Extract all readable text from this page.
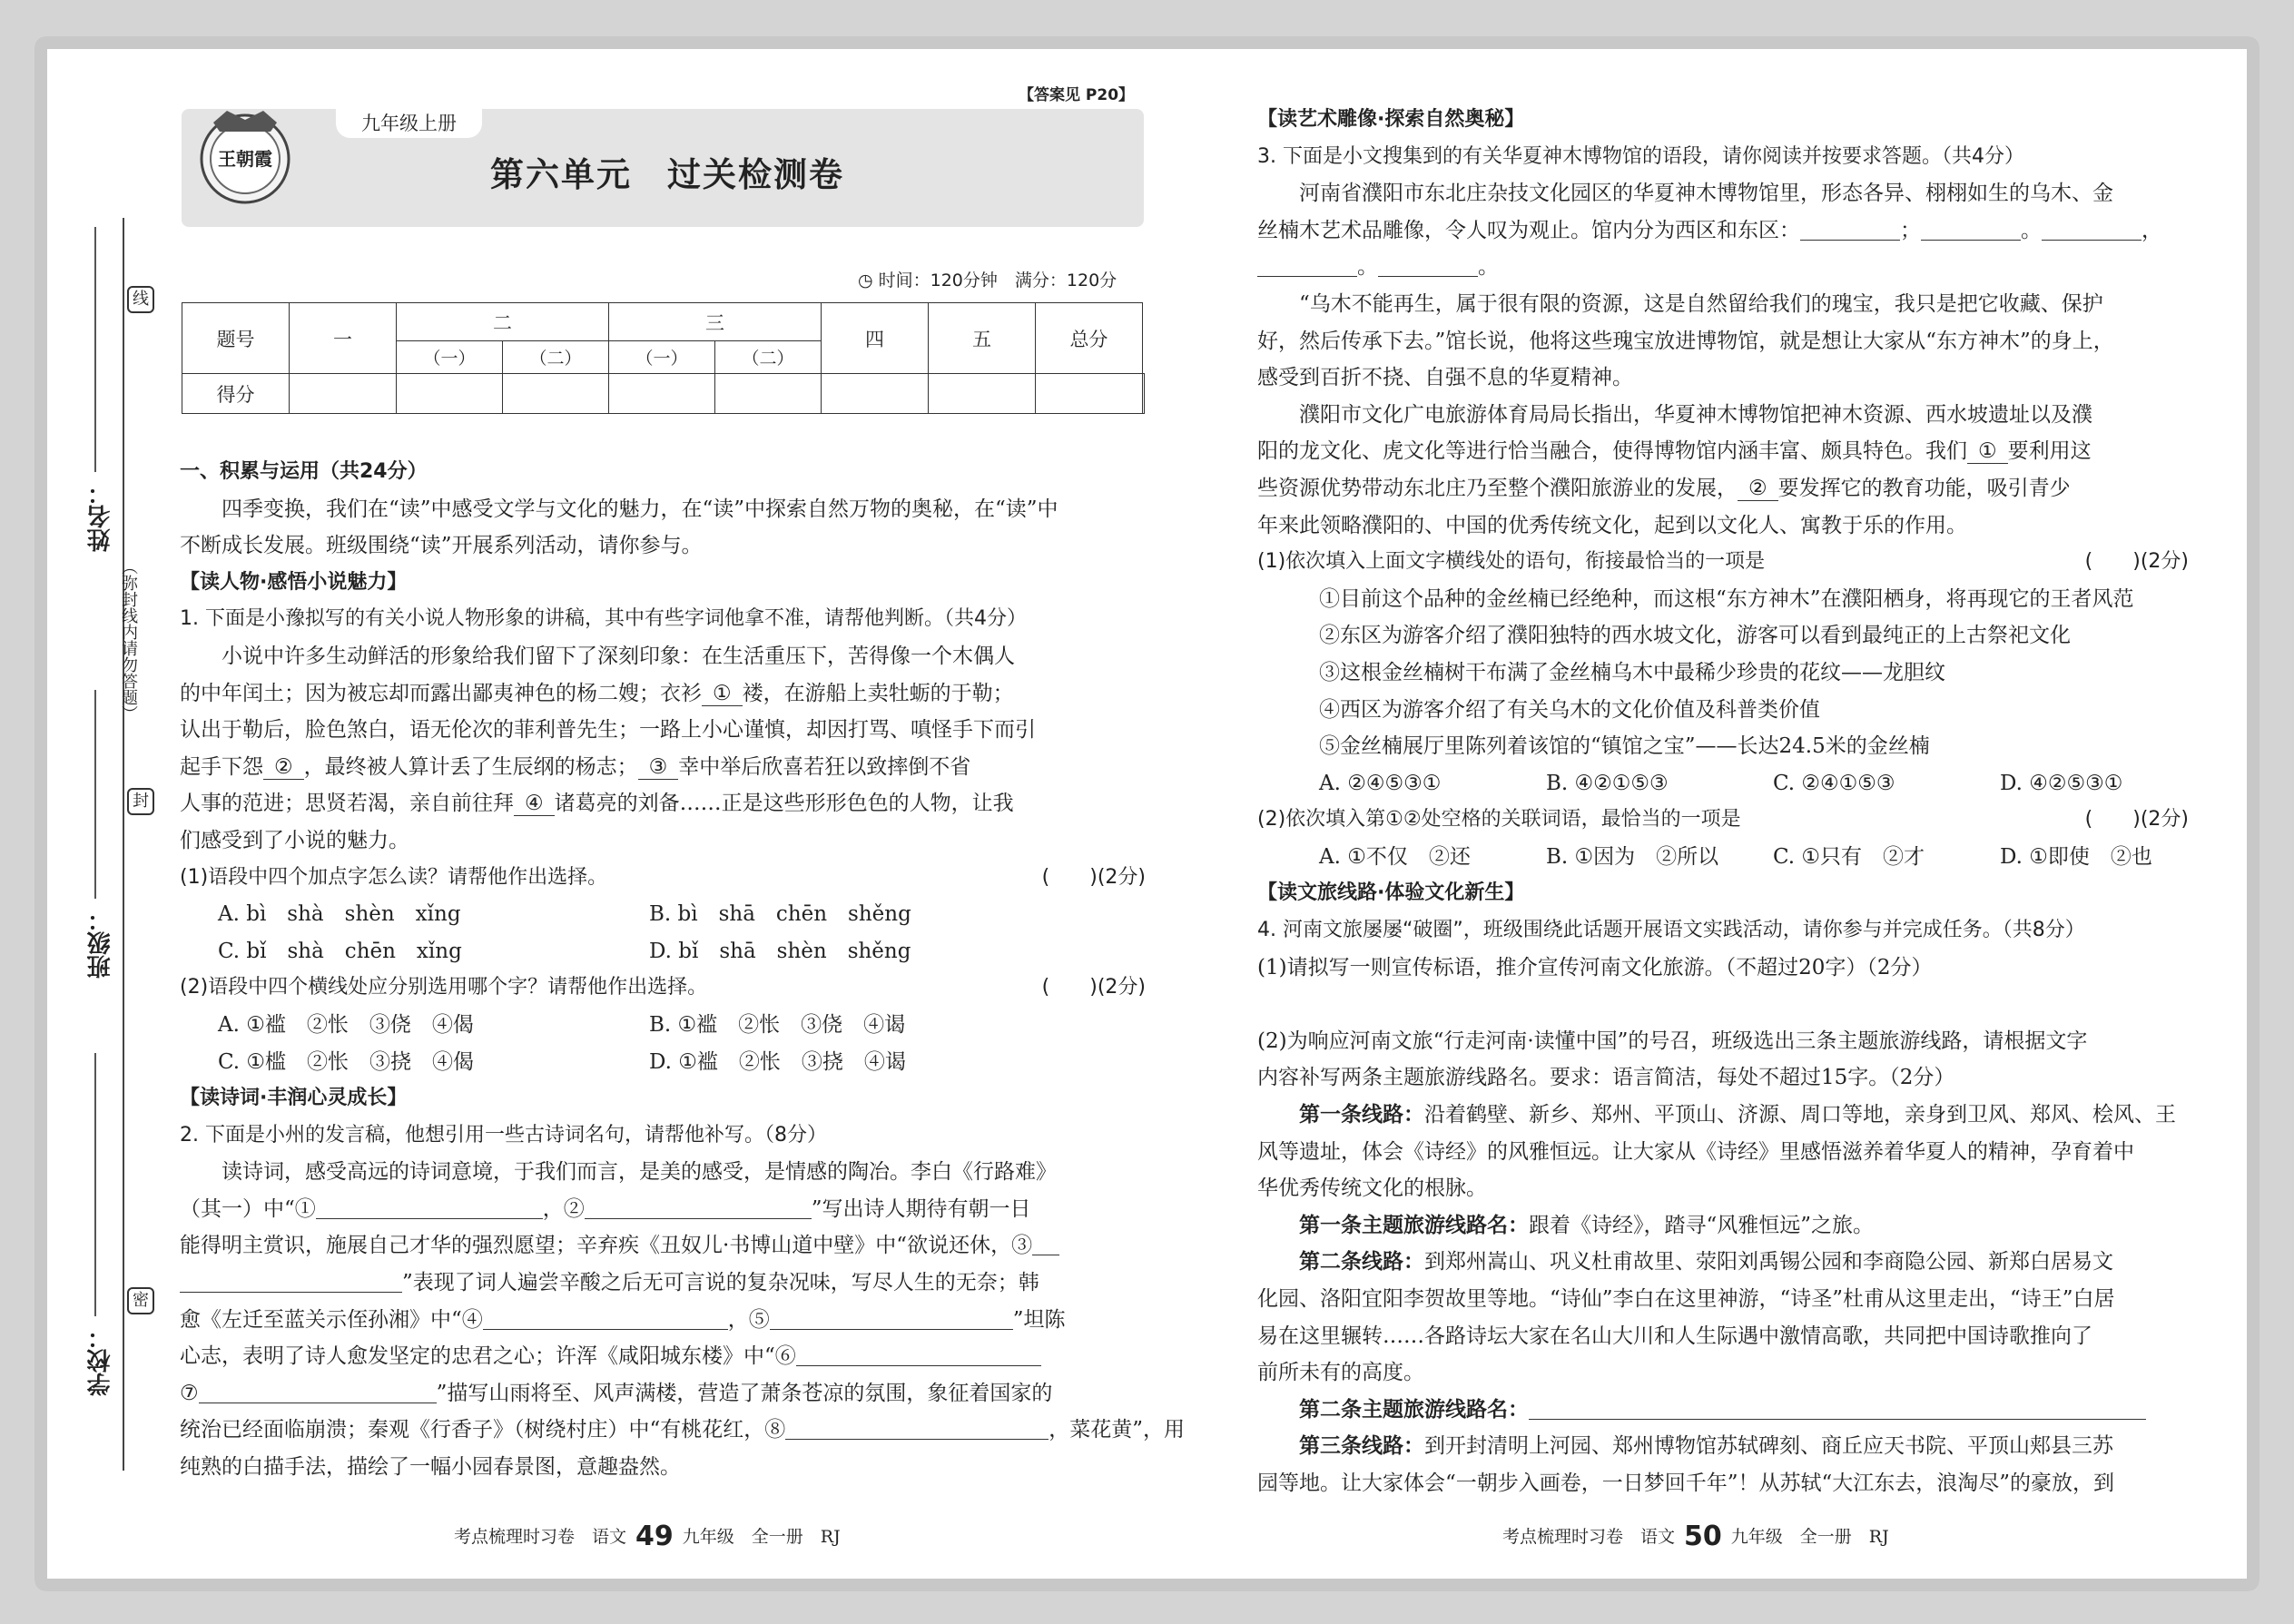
线
封
密
（弥封线内请勿答题）
姓名：
班级：
学校：
王朝霞
九年级上册
【答案见 P20】
第六单元　过关检测卷
◷ 时间：120分钟　满分：120分
题号	一	二		三		四	五	总分	
		（一）	（二）	（一）	（二）				
得分									

一、积累与运用（共24分）

四季变换，我们在“读”中感受文学与文化的魅力，在“读”中探索自然万物的奥秘，在“读”中

不断成长发展。班级围绕“读”开展系列活动，请你参与。

【读人物·感悟小说魅力】

1. 下面是小豫拟写的有关小说人物形象的讲稿，其中有些字词他拿不准，请帮他判断。（共4分）

小说中许多生动鲜活的形象给我们留下了深刻印象：在生活重压下，苦得像一个木偶人

的中年闰土；因为被忘却而露出鄙夷神色的杨二嫂；衣衫 ① 褛，在游船上卖牡蛎的于勒；

认出于勒后，脸色煞白，语无伦次的菲利普先生；一路上小心谨慎，却因打骂、嗔怪手下而引

起手下怨 ② ，最终被人算计丢了生辰纲的杨志； ③ 幸中举后欣喜若狂以致摔倒不省

人事的范进；思贤若渴，亲自前往拜 ④ 诸葛亮的刘备……正是这些形形色色的人物，让我

们感受到了小说的魅力。

(1)语段中四个加点字怎么读？请帮他作出选择。	(　　)(2分)

A. bì　shà　shèn　xǐng	B. bì　shā　chēn　shěng
C. bǐ　shà　chēn　xǐng	D. bǐ　shā　shèn　shěng

(2)语段中四个横线处应分别选用哪个字？请帮他作出选择。	(　　)(2分)

A. ①褴　②怅　③侥　④偈	B. ①褴　②怅　③侥　④谒
C. ①槛　②怅　③挠　④偈	D. ①褴　②怅　③挠　④谒

【读诗词·丰润心灵成长】

2. 下面是小州的发言稿，他想引用一些古诗词名句，请帮他补写。（8分）

读诗词，感受高远的诗词意境，于我们而言，是美的感受，是情感的陶冶。李白《行路难》

（其一）中“①	，②	”写出诗人期待有朝一日

能得明主赏识，施展自己才华的强烈愿望；辛弃疾《丑奴儿·书博山道中壁》中“欲说还休，③

”表现了词人遍尝辛酸之后无可言说的复杂况味，写尽人生的无奈；韩

愈《左迁至蓝关示侄孙湘》中“④	，⑤	”坦陈

心志，表明了诗人愈发坚定的忠君之心；许浑《咸阳城东楼》中“⑥

⑦	”描写山雨将至、风声满楼，营造了萧条苍凉的氛围，象征着国家的

统治已经面临崩溃；秦观《行香子》（树绕村庄）中“有桃花红，⑧	，菜花黄”，用

纯熟的白描手法，描绘了一幅小园春景图，意趣盎然。

【读艺术雕像·探索自然奥秘】

3. 下面是小文搜集到的有关华夏神木博物馆的语段，请你阅读并按要求答题。（共4分）

河南省濮阳市东北庄杂技文化园区的华夏神木博物馆里，形态各异、栩栩如生的乌木、金

丝楠木艺术品雕像，令人叹为观止。馆内分为西区和东区：	；	。	，

。	。

“乌木不能再生，属于很有限的资源，这是自然留给我们的瑰宝，我只是把它收藏、保护

好，然后传承下去。”馆长说，他将这些瑰宝放进博物馆，就是想让大家从“东方神木”的身上，

感受到百折不挠、自强不息的华夏精神。

濮阳市文化广电旅游体育局局长指出，华夏神木博物馆把神木资源、西水坡遗址以及濮

阳的龙文化、虎文化等进行恰当融合，使得博物馆内涵丰富、颇具特色。我们 ① 要利用这

些资源优势带动东北庄乃至整个濮阳旅游业的发展， ② 要发挥它的教育功能，吸引青少

年来此领略濮阳的、中国的优秀传统文化，起到以文化人、寓教于乐的作用。

(1)依次填入上面文字横线处的语句，衔接最恰当的一项是	(　　)(2分)

①目前这个品种的金丝楠已经绝种，而这根“东方神木”在濮阳栖身，将再现它的王者风范

②东区为游客介绍了濮阳独特的西水坡文化，游客可以看到最纯正的上古祭祀文化

③这根金丝楠树干布满了金丝楠乌木中最稀少珍贵的花纹——龙胆纹

④西区为游客介绍了有关乌木的文化价值及科普类价值

⑤金丝楠展厅里陈列着该馆的“镇馆之宝”——长达24.5米的金丝楠

A. ②④⑤③①	B. ④②①⑤③	C. ②④①⑤③	D. ④②⑤③①

(2)依次填入第①②处空格的关联词语，最恰当的一项是	(　　)(2分)

A. ①不仅　②还	B. ①因为　②所以	C. ①只有　②才	D. ①即使　②也

【读文旅线路·体验文化新生】

4. 河南文旅屡屡“破圈”，班级围绕此话题开展语文实践活动，请你参与并完成任务。（共8分）

(1)请拟写一则宣传标语，推介宣传河南文化旅游。（不超过20字）（2分）

(2)为响应河南文旅“行走河南·读懂中国”的号召，班级选出三条主题旅游线路，请根据文字

内容补写两条主题旅游线路名。要求：语言简洁，每处不超过15字。（2分）

第一条线路：沿着鹤壁、新乡、郑州、平顶山、济源、周口等地，亲身到卫风、郑风、桧风、王

风等遗址，体会《诗经》的风雅恒远。让大家从《诗经》里感悟滋养着华夏人的精神，孕育着中

华优秀传统文化的根脉。

第一条主题旅游线路名：跟着《诗经》，踏寻“风雅恒远”之旅。

第二条线路：到郑州嵩山、巩义杜甫故里、荥阳刘禹锡公园和李商隐公园、新郑白居易文

化园、洛阳宜阳李贺故里等地。“诗仙”李白在这里神游，“诗圣”杜甫从这里走出，“诗王”白居

易在这里辗转……各路诗坛大家在名山大川和人生际遇中激情高歌，共同把中国诗歌推向了

前所未有的高度。

第二条主题旅游线路名：

第三条线路：到开封清明上河园、郑州博物馆苏轼碑刻、商丘应天书院、平顶山郏县三苏

园等地。让大家体会“一朝步入画卷，一日梦回千年”！从苏轼“大江东去，浪淘尽”的豪放，到

考点梳理时习卷　语文 49 九年级　全一册　RJ	考点梳理时习卷　语文 50 九年级　全一册　RJ
